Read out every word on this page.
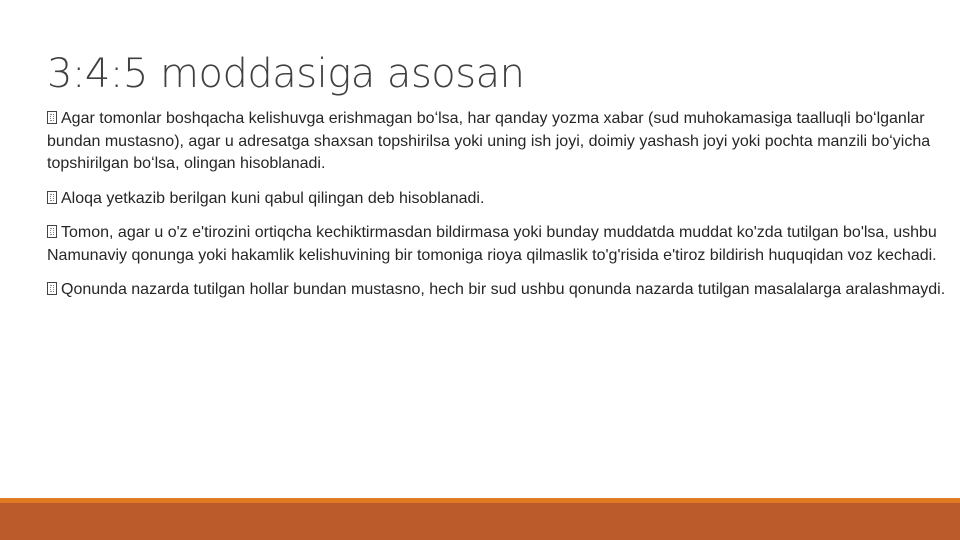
3:4:5 moddasiga asosan

Agar tomonlar boshqacha kelishuvga erishmagan boʻlsa, har qanday yozma xabar (sud muhokamasiga taalluqli boʻlganlar bundan mustasno), agar u adresatga shaxsan topshirilsa yoki uning ish joyi, doimiy yashash joyi yoki pochta manzili boʻyicha topshirilgan boʻlsa, olingan hisoblanadi.

Aloqa yetkazib berilgan kuni qabul qilingan deb hisoblanadi.

Tomon, agar u o'z e'tirozini ortiqcha kechiktirmasdan bildirmasa yoki bunday muddatda muddat ko'zda tutilgan bo'lsa, ushbu Namunaviy qonunga yoki hakamlik kelishuvining bir tomoniga rioya qilmaslik to'g'risida e'tiroz bildirish huquqidan voz kechadi.

Qonunda nazarda tutilgan hollar bundan mustasno, hech bir sud ushbu qonunda nazarda tutilgan masalalarga aralashmaydi.
